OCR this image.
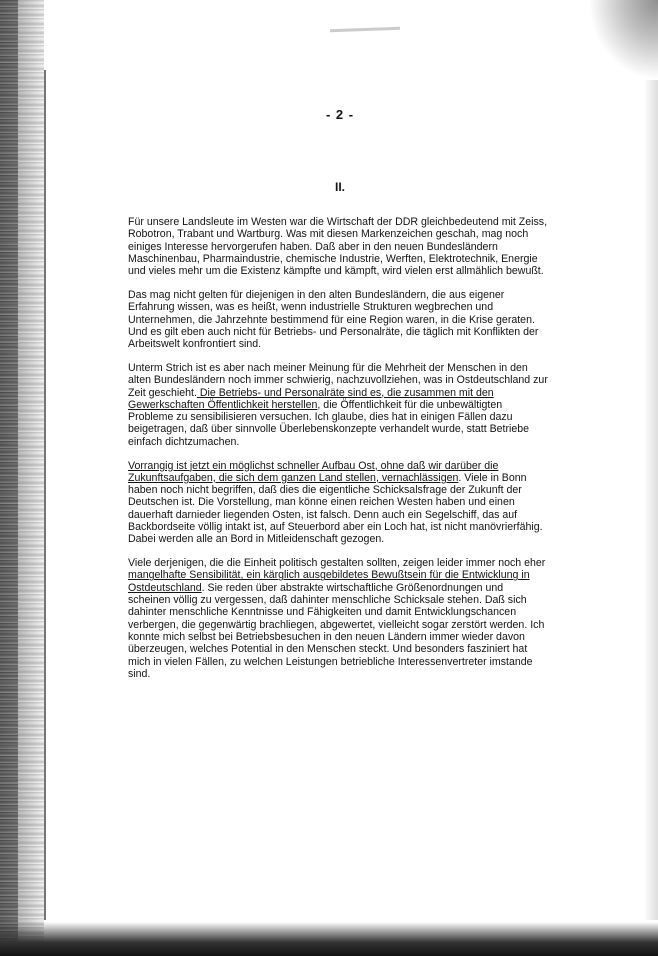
- 2 -
II.

Für unsere Landsleute im Westen war die Wirtschaft der DDR gleichbedeutend mit Zeiss, Robotron, Trabant und Wartburg. Was mit diesen Markenzeichen geschah, mag noch einiges Interesse hervorgerufen haben. Daß aber in den neuen Bundesländern Maschinenbau, Pharmaindustrie, chemische Industrie, Werften, Elektrotechnik, Energie und vieles mehr um die Existenz kämpfte und kämpft, wird vielen erst allmählich bewußt.

Das mag nicht gelten für diejenigen in den alten Bundesländern, die aus eigener Erfahrung wissen, was es heißt, wenn industrielle Strukturen wegbrechen und Unternehmen, die Jahrzehnte bestimmend für eine Region waren, in die Krise geraten. Und es gilt eben auch nicht für Betriebs- und Personalräte, die täglich mit Konflikten der Arbeitswelt konfrontiert sind.

Unterm Strich ist es aber nach meiner Meinung für die Mehrheit der Menschen in den alten Bundesländern noch immer schwierig, nachzuvollziehen, was in Ostdeutschland zur Zeit geschieht. Die Betriebs- und Personalräte sind es, die zusammen mit den Gewerkschaften Öffentlichkeit herstellen, die Öffentlichkeit für die unbewältigten Probleme zu sensibilisieren versuchen. Ich glaube, dies hat in einigen Fällen dazu beigetragen, daß über sinnvolle Überlebenskonzepte verhandelt wurde, statt Betriebe einfach dichtzumachen.

Vorrangig ist jetzt ein möglichst schneller Aufbau Ost, ohne daß wir darüber die Zukunftsaufgaben, die sich dem ganzen Land stellen, vernachlässigen. Viele in Bonn haben noch nicht begriffen, daß dies die eigentliche Schicksalsfrage der Zukunft der Deutschen ist. Die Vorstellung, man könne einen reichen Westen haben und einen dauerhaft darnieder liegenden Osten, ist falsch. Denn auch ein Segelschiff, das auf Backbordseite völlig intakt ist, auf Steuerbord aber ein Loch hat, ist nicht manövrierfähig. Dabei werden alle an Bord in Mitleidenschaft gezogen.

Viele derjenigen, die die Einheit politisch gestalten sollten, zeigen leider immer noch eher mangelhafte Sensibilität, ein kärglich ausgebildetes Bewußtsein für die Entwicklung in Ostdeutschland. Sie reden über abstrakte wirtschaftliche Größenordnungen und scheinen völlig zu vergessen, daß dahinter menschliche Schicksale stehen. Daß sich dahinter menschliche Kenntnisse und Fähigkeiten und damit Entwicklungschancen verbergen, die gegenwärtig brachliegen, abgewertet, vielleicht sogar zerstört werden. Ich konnte mich selbst bei Betriebsbesuchen in den neuen Ländern immer wieder davon überzeugen, welches Potential in den Menschen steckt. Und besonders fasziniert hat mich in vielen Fällen, zu welchen Leistungen betriebliche Interessenvertreter imstande sind.
